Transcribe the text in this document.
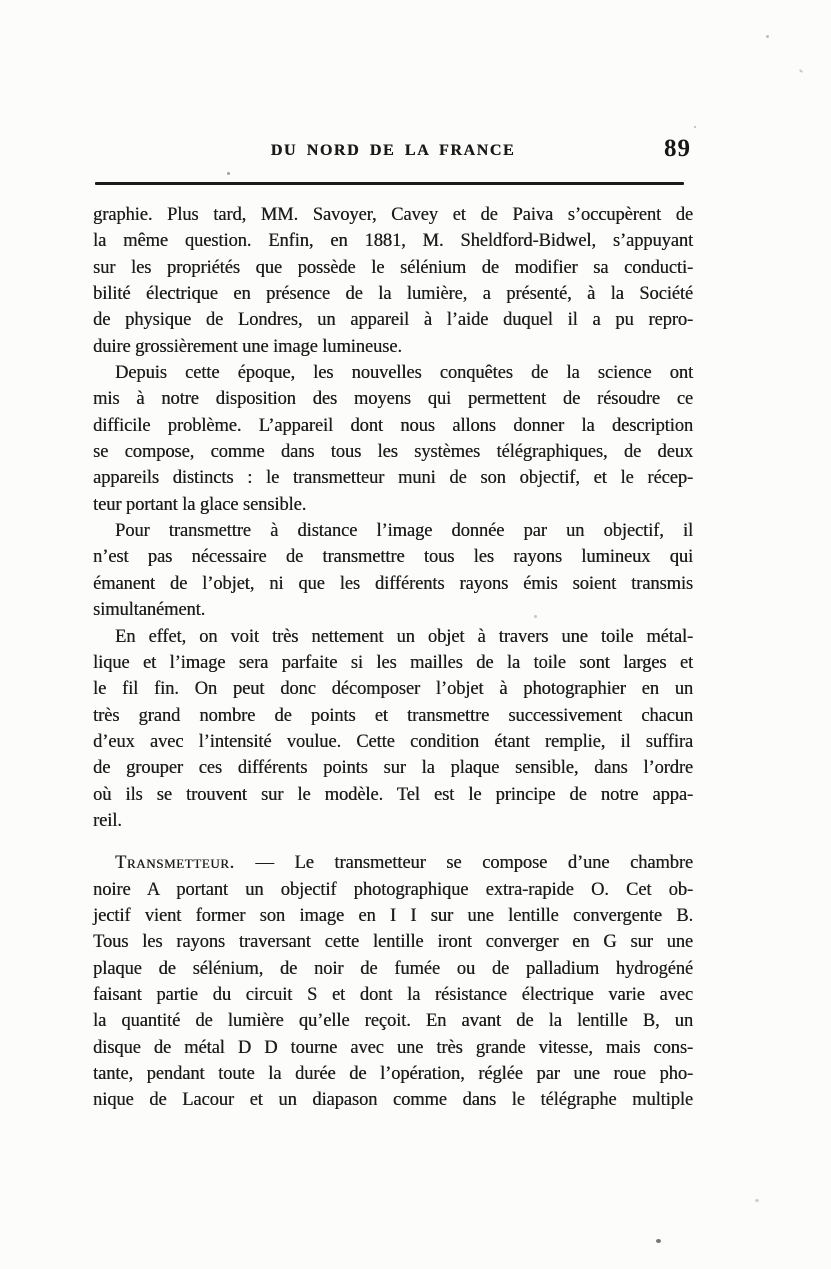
DU NORD DE LA FRANCE	89
graphie. Plus tard, MM. Savoyer, Cavey et de Paiva s’occupèrent de
la même question. Enfin, en 1881, M. Sheldford-Bidwel, s’appuyant
sur les propriétés que possède le sélénium de modifier sa conducti-
bilité électrique en présence de la lumière, a présenté, à la Société
de physique de Londres, un appareil à l’aide duquel il a pu repro-
duire grossièrement une image lumineuse.
Depuis cette époque, les nouvelles conquêtes de la science ont
mis à notre disposition des moyens qui permettent de résoudre ce
difficile problème. L’appareil dont nous allons donner la description
se compose, comme dans tous les systèmes télégraphiques, de deux
appareils distincts : le transmetteur muni de son objectif, et le récep-
teur portant la glace sensible.
Pour transmettre à distance l’image donnée par un objectif, il
n’est pas nécessaire de transmettre tous les rayons lumineux qui
émanent de l’objet, ni que les différents rayons émis soient transmis
simultanément.
En effet, on voit très nettement un objet à travers une toile métal-
lique et l’image sera parfaite si les mailles de la toile sont larges et
le fil fin. On peut donc décomposer l’objet à photographier en un
très grand nombre de points et transmettre successivement chacun
d’eux avec l’intensité voulue. Cette condition étant remplie, il suffira
de grouper ces différents points sur la plaque sensible, dans l’ordre
où ils se trouvent sur le modèle. Tel est le principe de notre appa-
reil.
Transmetteur. — Le transmetteur se compose d’une chambre
noire A portant un objectif photographique extra-rapide O. Cet ob-
jectif vient former son image en I I sur une lentille convergente B.
Tous les rayons traversant cette lentille iront converger en G sur une
plaque de sélénium, de noir de fumée ou de palladium hydrogéné
faisant partie du circuit S et dont la résistance électrique varie avec
la quantité de lumière qu’elle reçoit. En avant de la lentille B, un
disque de métal D D tourne avec une très grande vitesse, mais cons-
tante, pendant toute la durée de l’opération, réglée par une roue pho-
nique de Lacour et un diapason comme dans le télégraphe multiple
